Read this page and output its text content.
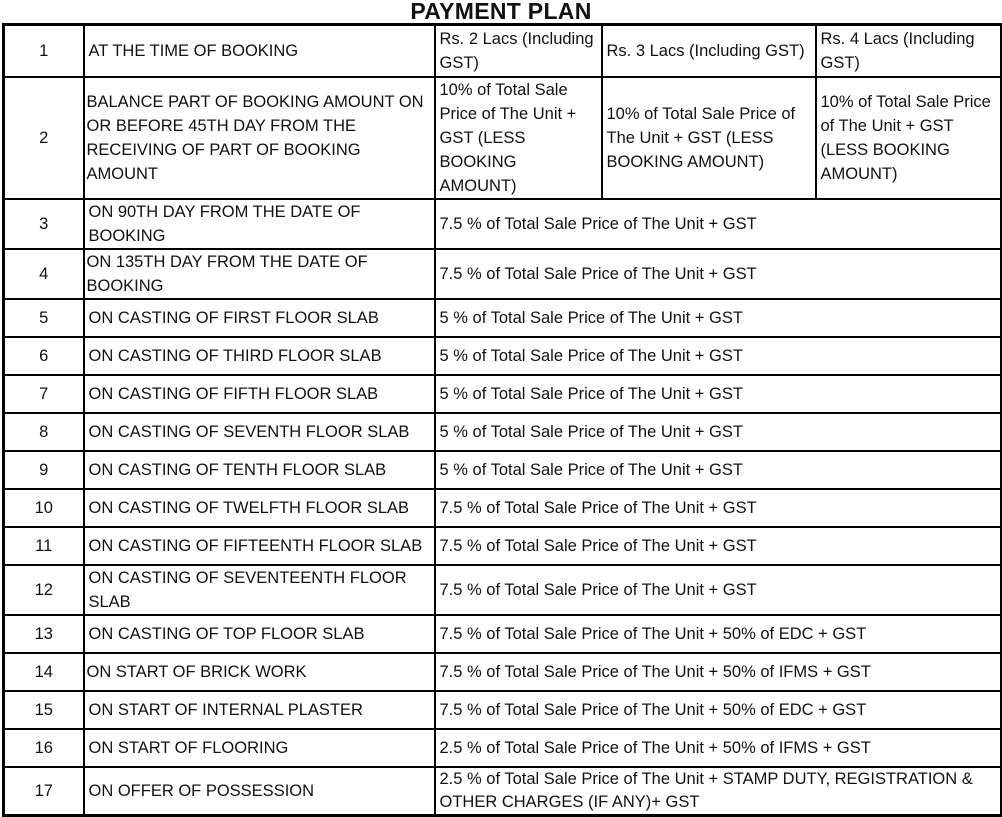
PAYMENT PLAN
1	AT THE TIME OF BOOKING	Rs. 2 Lacs (Including GST)	Rs. 3 Lacs (Including GST)	Rs. 4 Lacs (Including GST)
2	BALANCE PART OF BOOKING AMOUNT ON OR BEFORE 45TH DAY FROM THE RECEIVING OF PART OF BOOKING AMOUNT	10% of Total Sale Price of The Unit + GST (LESS BOOKING AMOUNT)	10% of Total Sale Price of The Unit + GST (LESS BOOKING AMOUNT)	10% of Total Sale Price of The Unit + GST (LESS BOOKING AMOUNT)
3	ON 90TH DAY FROM THE DATE OF BOOKING	7.5 % of Total Sale Price of The Unit + GST		
4	ON 135TH DAY FROM THE DATE OF BOOKING	7.5 % of Total Sale Price of The Unit + GST		
5	ON CASTING OF FIRST FLOOR SLAB	5 % of Total Sale Price of The Unit + GST		
6	ON CASTING OF THIRD FLOOR SLAB	5 % of Total Sale Price of The Unit + GST		
7	ON CASTING OF FIFTH FLOOR SLAB	5 % of Total Sale Price of The Unit + GST		
8	ON CASTING OF SEVENTH FLOOR SLAB	5 % of Total Sale Price of The Unit + GST		
9	ON CASTING OF TENTH FLOOR SLAB	5 % of Total Sale Price of The Unit + GST		
10	ON CASTING OF TWELFTH FLOOR SLAB	7.5 % of Total Sale Price of The Unit + GST		
11	ON CASTING OF FIFTEENTH FLOOR SLAB	7.5 % of Total Sale Price of The Unit + GST		
12	ON CASTING OF SEVENTEENTH FLOOR SLAB	7.5 % of Total Sale Price of The Unit + GST		
13	ON CASTING OF TOP FLOOR SLAB	7.5 % of Total Sale Price of The Unit + 50% of EDC + GST		
14	ON START OF BRICK WORK	7.5 % of Total Sale Price of The Unit + 50% of IFMS + GST		
15	ON START OF INTERNAL PLASTER	7.5 % of Total Sale Price of The Unit + 50% of EDC + GST		
16	ON START OF FLOORING	2.5 % of Total Sale Price of The Unit + 50% of IFMS + GST		
17	ON OFFER OF POSSESSION	2.5 % of Total Sale Price of The Unit + STAMP DUTY, REGISTRATION & OTHER CHARGES (IF ANY)+ GST		
